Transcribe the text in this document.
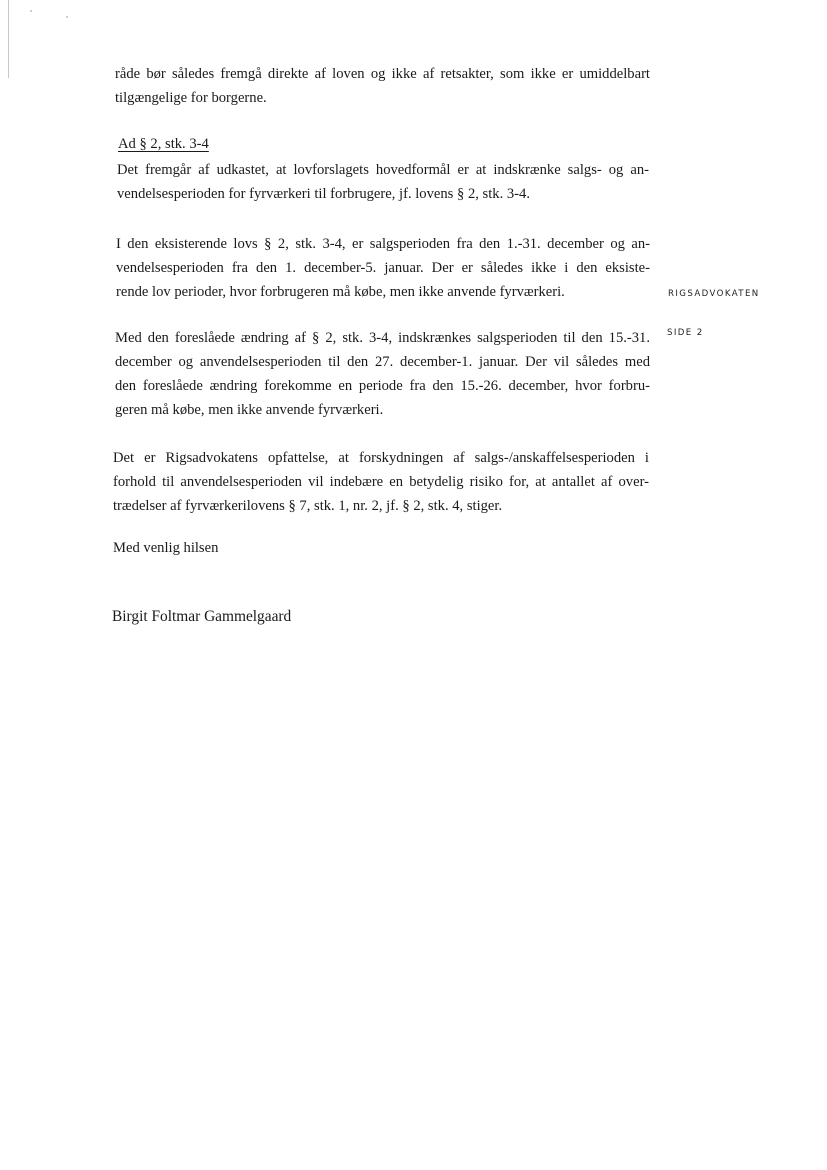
råde bør således fremgå direkte af loven og ikke af retsakter, som ikke er umiddelbart
tilgængelige for borgerne.

Ad § 2, stk. 3-4

Det fremgår af udkastet, at lovforslagets hovedformål er at indskrænke salgs- og an-
vendelsesperioden for fyrværkeri til forbrugere, jf. lovens § 2, stk. 3-4.
I den eksisterende lovs § 2, stk. 3-4, er salgsperioden fra den 1.-31. december og an-
vendelsesperioden fra den 1. december-5. januar. Der er således ikke i den eksiste-
rende lov perioder, hvor forbrugeren må købe, men ikke anvende fyrværkeri.	RIGSADVOKATEN

SIDE 2

Med den foreslåede ændring af § 2, stk. 3-4, indskrænkes salgsperioden til den 15.-31.
december og anvendelsesperioden til den 27. december-1. januar. Der vil således med
den foreslåede ændring forekomme en periode fra den 15.-26. december, hvor forbru-
geren må købe, men ikke anvende fyrværkeri.
Det er Rigsadvokatens opfattelse, at forskydningen af salgs-/anskaffelsesperioden i
forhold til anvendelsesperioden vil indebære en betydelig risiko for, at antallet af over-
trædelser af fyrværkerilovens § 7, stk. 1, nr. 2, jf. § 2, stk. 4, stiger.

Med venlig hilsen

Birgit Foltmar Gammelgaard
